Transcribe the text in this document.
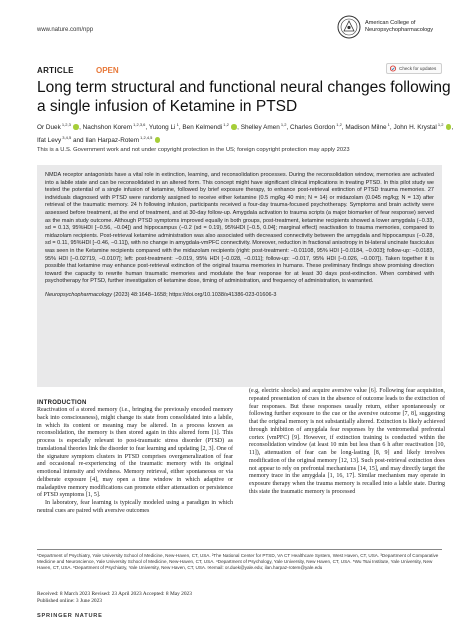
www.nature.com/npp
American College of
Neuropsychopharmacology
ARTICLE	OPEN	Check for updates
Long term structural and functional neural changes following a single infusion of Ketamine in PTSD
Or Duek $^{1,2,3}$ , Nachshon Korem $^{1,2,3,6}$, Yutong Li $^1$, Ben Kelmendi $^{1,2}$ , Shelley Amen $^{1,2}$, Charles Gordon $^{1,2}$, Madison Milne $^1$, John H. Krystal $^{1,2}$ , Ifat Levy $^{3,4,5}$ and Ilan Harpaz-Rotem $^{1,2,4,5}$
This is a U.S. Government work and not under copyright protection in the US; foreign copyright protection may apply 2023
NMDA receptor antagonists have a vital role in extinction, learning, and reconsolidation processes. During the reconsolidation window, memories are activated into a labile state and can be reconsolidated in an altered form. This concept might have significant clinical implications in treating PTSD. In this pilot study we tested the potential of a single infusion of ketamine, followed by brief exposure therapy, to enhance post-retrieval extinction of PTSD trauma memories. 27 individuals diagnosed with PTSD were randomly assigned to receive either ketamine (0.5 mg/kg 40 min; N = 14) or midazolam (0.045 mg/kg; N = 13) after retrieval of the traumatic memory. 24 h following infusion, participants received a four-day trauma-focused psychotherapy. Symptoms and brain activity were assessed before treatment, at the end of treatment, and at 30-day follow-up. Amygdala activation to trauma scripts (a major biomarker of fear response) served as the main study outcome. Although PTSD symptoms improved equally in both groups, post-treatment, ketamine recipients showed a lower amygdala (−0.33, sd = 0.13, 95%HDI [−0.56, −0.04]) and hippocampus (−0.2 (sd = 0.19), 95%HDI [−0.5, 0.04]; marginal effect) reactivation to trauma memories, compared to midazolam recipients. Post-retrieval ketamine administration was also associated with decreased connectivity between the amygdala and hippocampus (−0.28, sd = 0.11, 95%HDI [−0.46, −0.11]), with no change in amygdala-vmPFC connectivity. Moreover, reduction in fractional anisotropy in bi-lateral uncinate fasciculus was seen in the Ketamine recipients compared with the midazolam recipients (right: post-treatment: −0.01108, 95% HDI [−0.0184, −0.003]; follow-up: −0.0183, 95% HDI [−0.02719, −0.0107]; left: post-treatment: −0.019, 95% HDI [−0.028, −0.011]; follow-up: −0.017, 95% HDI [−0.026, −0.007]). Taken together it is possible that ketamine may enhance post-retrieval extinction of the original trauma memories in humans. These preliminary findings show promising direction toward the capacity to rewrite human traumatic memories and modulate the fear response for at least 30 days post-extinction. When combined with psychotherapy for PTSD, further investigation of ketamine dose, timing of administration, and frequency of administration, is warranted.
Neuropsychopharmacology (2023) 48:1648–1658; https://doi.org/10.1038/s41386-023-01606-3
INTRODUCTION

Reactivation of a stored memory (i.e., bringing the previously encoded memory back into consciousness), might change its state from consolidated into a labile, in which its content or meaning may be altered. In a process known as reconsolidation, the memory is then stored again in this altered form [1]. This process is especially relevant to post-traumatic stress disorder (PTSD) as translational theories link the disorder to fear learning and updating [2, 3]. One of the signature symptom clusters in PTSD comprises overgeneralization of fear and occasional re-experiencing of the traumatic memory with its original emotional intensity and vividness. Memory retrieval, either spontaneous or via deliberate exposure [4], may open a time window in which adaptive or maladaptive memory modifications can promote either attenuation or persistence of PTSD symptoms [1, 5].

In laboratory, fear learning is typically modeled using a paradigm in which neutral cues are paired with aversive outcomes

(e.g, electric shocks) and acquire aversive value [6]. Following fear acquisition, repeated presentation of cues in the absence of outcome leads to the extinction of fear responses. But these responses usually return, either spontaneously or following further exposure to the cue or the aversive outcome [7, 8], suggesting that the original memory is not substantially altered. Extinction is likely achieved through inhibition of amygdala fear responses by the ventromedial prefrontal cortex (vmPFC) [9]. However, if extinction training is conducted within the reconsolidation window (at least 10 min but less than 6 h after reactivation [10, 11]), attenuation of fear can be long-lasting [8, 9] and likely involves modification of the original memory [12, 13]. Such post-retrieval extinction does not appear to rely on prefrontal mechanisms [14, 15], and may directly target the memory trace in the amygdala [1, 16, 17]. Similar mechanism may operate in exposure therapy when the trauma memory is recalled into a labile state. During this state the traumatic memory is processed

¹Department of Psychiatry, Yale University School of Medicine, New-Haven, CT, USA. ²The National Center for PTSD, VA CT Healthcare System, West Haven, CT, USA. ³Department of Comparative Medicine and Neuroscience, Yale University School of Medicine, New-Haven, CT, USA. ⁴Department of Psychology, Yale University, New Haven, CT, USA. ⁵Wu Tsai Institute, Yale University, New Haven, CT, USA. ⁶Department of Psychiatry, Yale University, New Haven, CT, USA. ✉email: or.duek@yale.edu; ilan.harpaz-rotem@yale.edu
Received: 8 March 2023 Revised: 23 April 2023 Accepted: 8 May 2023
Published online: 3 June 2023
SPRINGER NATURE
